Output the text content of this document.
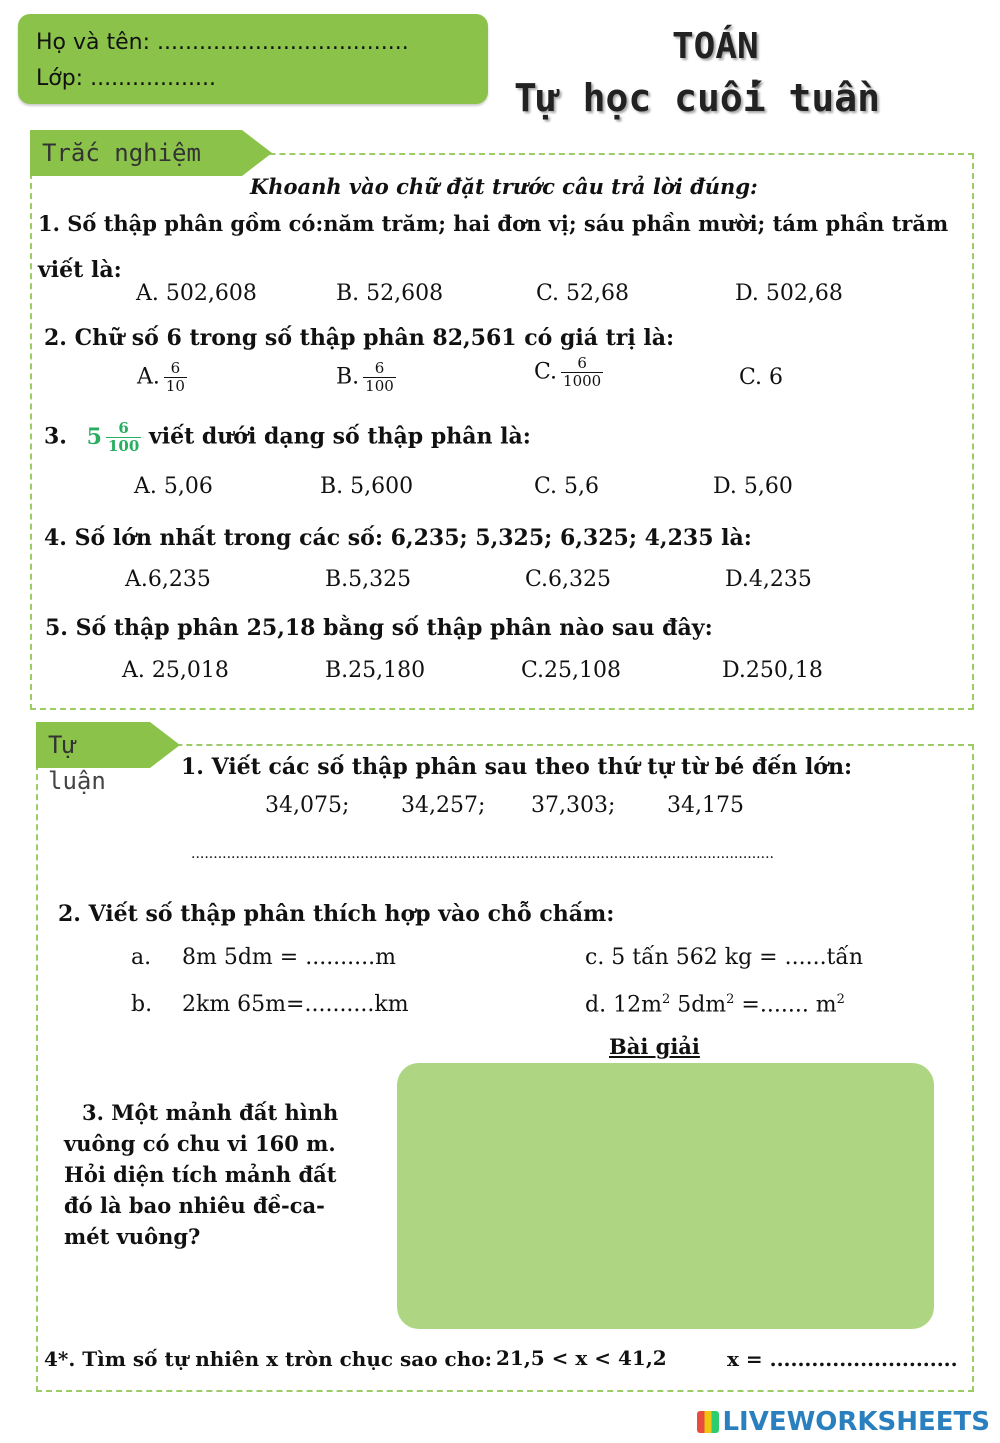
Họ và tên: ....................................
Lớp: ..................
TOÁN
Tự học cuối tuần
Trắc nghiệm
Khoanh vào chữ đặt trước câu trả lời đúng:
1. Số thập phân gồm có:năm trăm; hai đơn vị; sáu phần mười; tám phần trăm
viết là:
A. 502,608	B. 52,608	C. 52,68	D. 502,68
2. Chữ số 6 trong số thập phân 82,561 có giá trị là:
A. $\frac{6}{10}$	B. $\frac{6}{100}$	C. $\frac{6}{1000}$	C. 6
3. $5 \frac{6}{100}$ viết dưới dạng số thập phân là:
A. 5,06	B. 5,600	C. 5,6	D. 5,60
4. Số lớn nhất trong các số: 6,235; 5,325; 6,325; 4,235 là:
A.6,235	B.5,325	C.6,325	D.4,235
5. Số thập phân 25,18 bằng số thập phân nào sau đây:
A. 25,018	B.25,180	C.25,108	D.250,18
Tự
luận	1. Viết các số thập phân sau theo thứ tự từ bé đến lớn:
34,075; 34,257; 37,303; 34,175
...................................................................................................................................
2. Viết số thập phân thích hợp vào chỗ chấm:
a. 8m 5dm = ..........m	c. 5 tấn 562 kg = ......tấn
b. 2km 65m=..........km	d. $12m^2$ $5dm^2$ =....... $m^2$
Bài giải
3. Một mảnh đất hình
vuông có chu vi 160 m.
Hỏi diện tích mảnh đất
đó là bao nhiêu đề-ca-
mét vuông?
4*. Tìm số tự nhiên x tròn chục sao cho: 21,5 < x < 41,2	x = ...........................
LIVEWORKSHEETS
